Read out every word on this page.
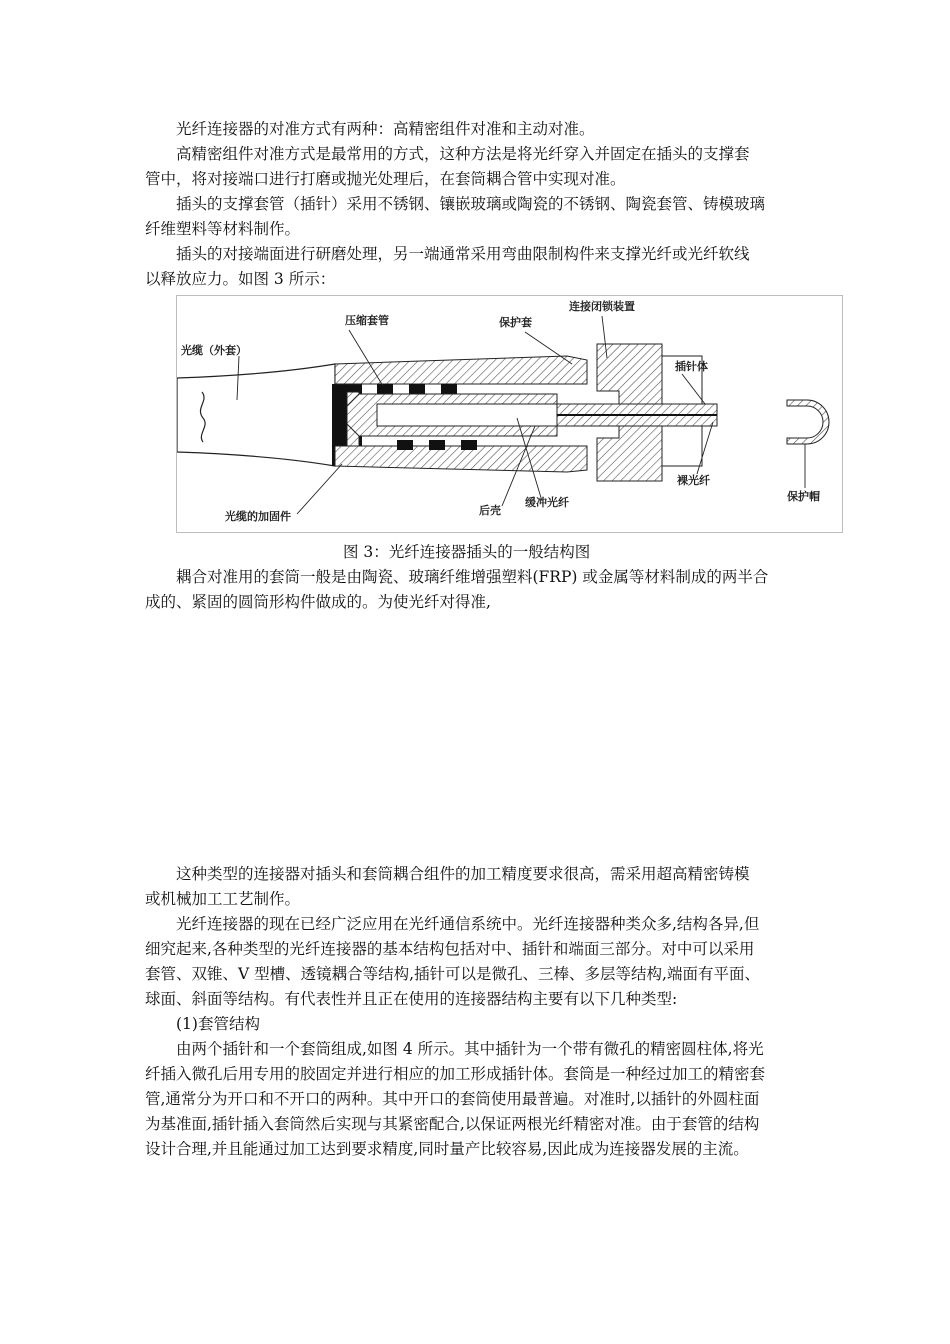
光纤连接器的对准方式有两种：高精密组件对准和主动对准。
高精密组件对准方式是最常用的方式，这种方法是将光纤穿入并固定在插头的支撑套
管中，将对接端口进行打磨或抛光处理后，在套筒耦合管中实现对准。
插头的支撑套管（插针）采用不锈钢、镶嵌玻璃或陶瓷的不锈钢、陶瓷套管、铸模玻璃
纤维塑料等材料制作。
插头的对接端面进行研磨处理，另一端通常采用弯曲限制构件来支撑光纤或光纤软线
以释放应力。如图 3 所示：
光缆（外套）
压缩套管	保护套
连接闭锁装置
插针体
裸光纤
保护帽
后壳
缓冲光纤
光缆的加固件
图 3：光纤连接器插头的一般结构图
耦合对准用的套筒一般是由陶瓷、玻璃纤维增强塑料(FRP) 或金属等材料制成的两半合
成的、紧固的圆筒形构件做成的。为使光纤对得准,
这种类型的连接器对插头和套筒耦合组件的加工精度要求很高，需采用超高精密铸模
或机械加工工艺制作。
光纤连接器的现在已经广泛应用在光纤通信系统中。光纤连接器种类众多,结构各异,但
细究起来,各种类型的光纤连接器的基本结构包括对中、插针和端面三部分。对中可以采用
套管、双锥、V 型槽、透镜耦合等结构,插针可以是微孔、三棒、多层等结构,端面有平面、
球面、斜面等结构。有代表性并且正在使用的连接器结构主要有以下几种类型:
(1)套管结构
由两个插针和一个套筒组成,如图 4 所示。其中插针为一个带有微孔的精密圆柱体,将光
纤插入微孔后用专用的胶固定并进行相应的加工形成插针体。套筒是一种经过加工的精密套
管,通常分为开口和不开口的两种。其中开口的套筒使用最普遍。对准时,以插针的外圆柱面
为基准面,插针插入套筒然后实现与其紧密配合,以保证两根光纤精密对准。由于套管的结构
设计合理,并且能通过加工达到要求精度,同时量产比较容易,因此成为连接器发展的主流。
